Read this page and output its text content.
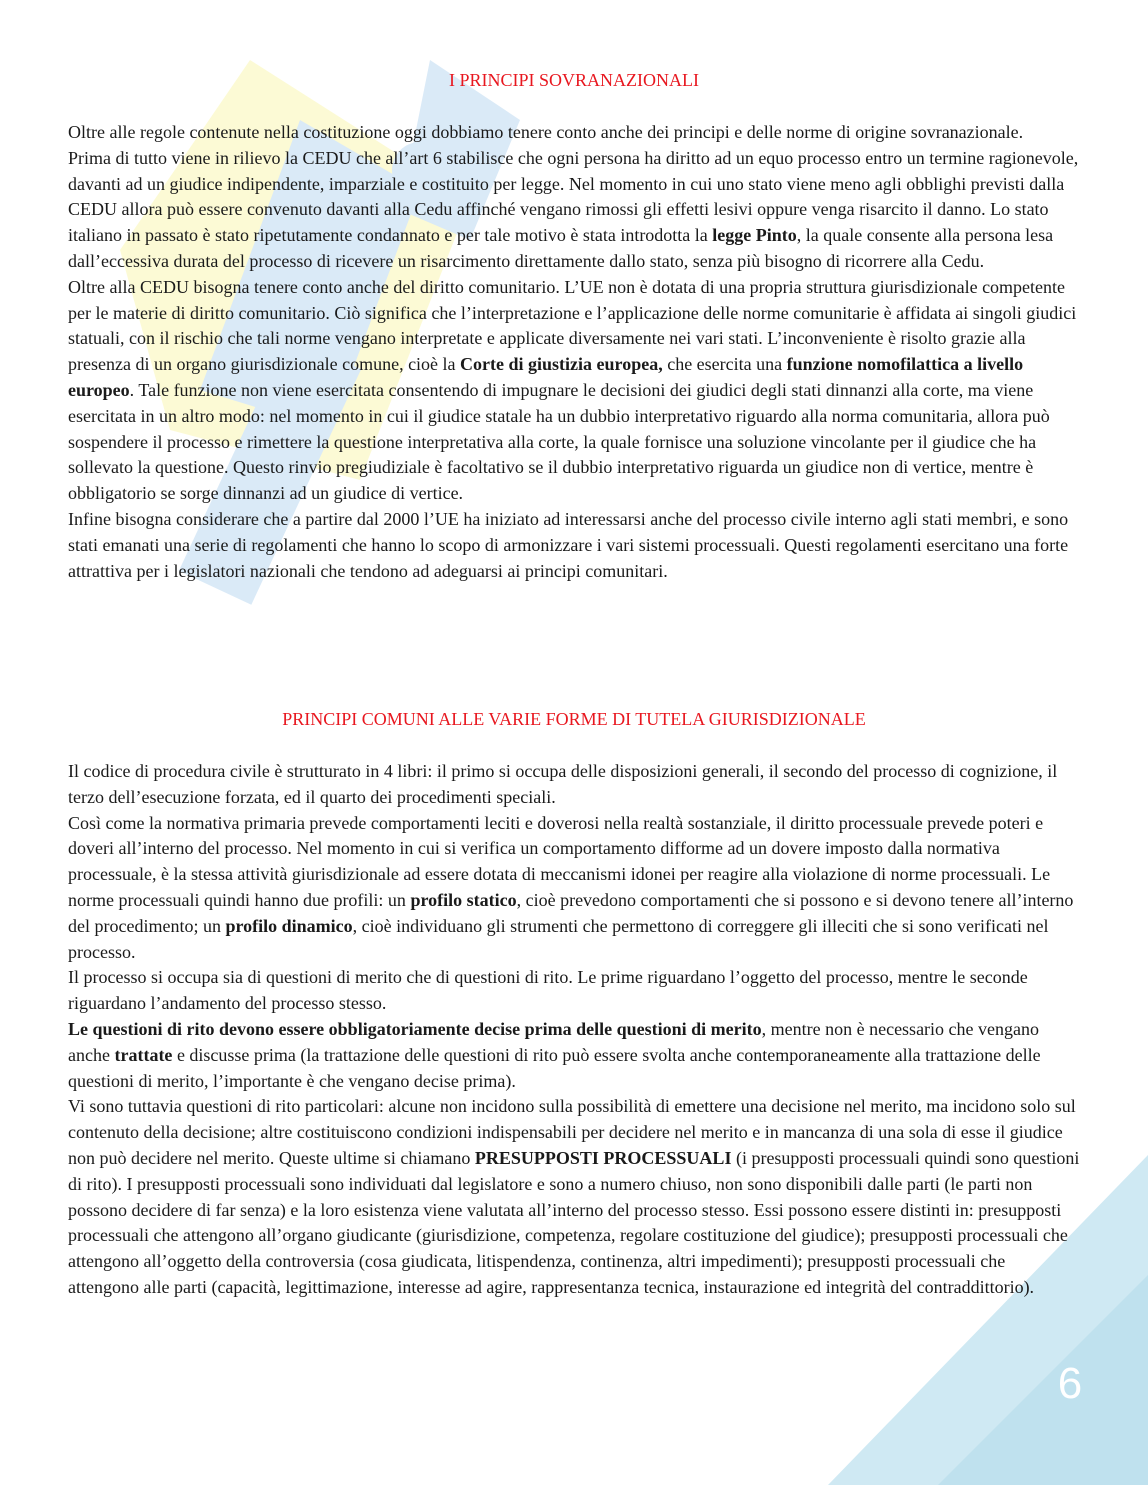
6
I PRINCIPI SOVRANAZIONALI

Oltre alle regole contenute nella costituzione oggi dobbiamo tenere conto anche dei principi e delle norme di origine sovranazionale.

Prima di tutto viene in rilievo la CEDU che all’art 6 stabilisce che ogni persona ha diritto ad un equo processo entro un termine ragionevole, davanti ad un giudice indipendente, imparziale e costituito per legge. Nel momento in cui uno stato viene meno agli obblighi previsti dalla CEDU allora può essere convenuto davanti alla Cedu affinché vengano rimossi gli effetti lesivi oppure venga risarcito il danno. Lo stato italiano in passato è stato ripetutamente condannato e per tale motivo è stata introdotta la legge Pinto, la quale consente alla persona lesa dall’eccessiva durata del processo di ricevere un risarcimento direttamente dallo stato, senza più bisogno di ricorrere alla Cedu.

Oltre alla CEDU bisogna tenere conto anche del diritto comunitario. L’UE non è dotata di una propria struttura giurisdizionale competente per le materie di diritto comunitario. Ciò significa che l’interpretazione e l’applicazione delle norme comunitarie è affidata ai singoli giudici statuali, con il rischio che tali norme vengano interpretate e applicate diversamente nei vari stati. L’inconveniente è risolto grazie alla presenza di un organo giurisdizionale comune, cioè la Corte di giustizia europea, che esercita una funzione nomofilattica a livello europeo. Tale funzione non viene esercitata consentendo di impugnare le decisioni dei giudici degli stati dinnanzi alla corte, ma viene esercitata in un altro modo: nel momento in cui il giudice statale ha un dubbio interpretativo riguardo alla norma comunitaria, allora può sospendere il processo e rimettere la questione interpretativa alla corte, la quale fornisce una soluzione vincolante per il giudice che ha sollevato la questione. Questo rinvio pregiudiziale è facoltativo se il dubbio interpretativo riguarda un giudice non di vertice, mentre è obbligatorio se sorge dinnanzi ad un giudice di vertice.

Infine bisogna considerare che a partire dal 2000 l’UE ha iniziato ad interessarsi anche del processo civile interno agli stati membri, e sono stati emanati una serie di regolamenti che hanno lo scopo di armonizzare i vari sistemi processuali. Questi regolamenti esercitano una forte attrattiva per i legislatori nazionali che tendono ad adeguarsi ai principi comunitari.

PRINCIPI COMUNI ALLE VARIE FORME DI TUTELA GIURISDIZIONALE

Il codice di procedura civile è strutturato in 4 libri: il primo si occupa delle disposizioni generali, il secondo del processo di cognizione, il terzo dell’esecuzione forzata, ed il quarto dei procedimenti speciali.

Così come la normativa primaria prevede comportamenti leciti e doverosi nella realtà sostanziale, il diritto processuale prevede poteri e doveri all’interno del processo. Nel momento in cui si verifica un comportamento difforme ad un dovere imposto dalla normativa processuale, è la stessa attività giurisdizionale ad essere dotata di meccanismi idonei per reagire alla violazione di norme processuali. Le norme processuali quindi hanno due profili: un profilo statico, cioè prevedono comportamenti che si possono e si devono tenere all’interno del procedimento; un profilo dinamico, cioè individuano gli strumenti che permettono di correggere gli illeciti che si sono verificati nel processo.

Il processo si occupa sia di questioni di merito che di questioni di rito. Le prime riguardano l’oggetto del processo, mentre le seconde riguardano l’andamento del processo stesso.

Le questioni di rito devono essere obbligatoriamente decise prima delle questioni di merito, mentre non è necessario che vengano anche trattate e discusse prima (la trattazione delle questioni di rito può essere svolta anche contemporaneamente alla trattazione delle questioni di merito, l’importante è che vengano decise prima).

Vi sono tuttavia questioni di rito particolari: alcune non incidono sulla possibilità di emettere una decisione nel merito, ma incidono solo sul contenuto della decisione; altre costituiscono condizioni indispensabili per decidere nel merito e in mancanza di una sola di esse il giudice non può decidere nel merito. Queste ultime si chiamano PRESUPPOSTI PROCESSUALI (i presupposti processuali quindi sono questioni di rito). I presupposti processuali sono individuati dal legislatore e sono a numero chiuso, non sono disponibili dalle parti (le parti non possono decidere di far senza) e la loro esistenza viene valutata all’interno del processo stesso. Essi possono essere distinti in: presupposti processuali che attengono all’organo giudicante (giurisdizione, competenza, regolare costituzione del giudice); presupposti processuali che attengono all’oggetto della controversia (cosa giudicata, litispendenza, continenza, altri impedimenti); presupposti processuali che attengono alle parti (capacità, legittimazione, interesse ad agire, rappresentanza tecnica, instaurazione ed integrità del contraddittorio).
